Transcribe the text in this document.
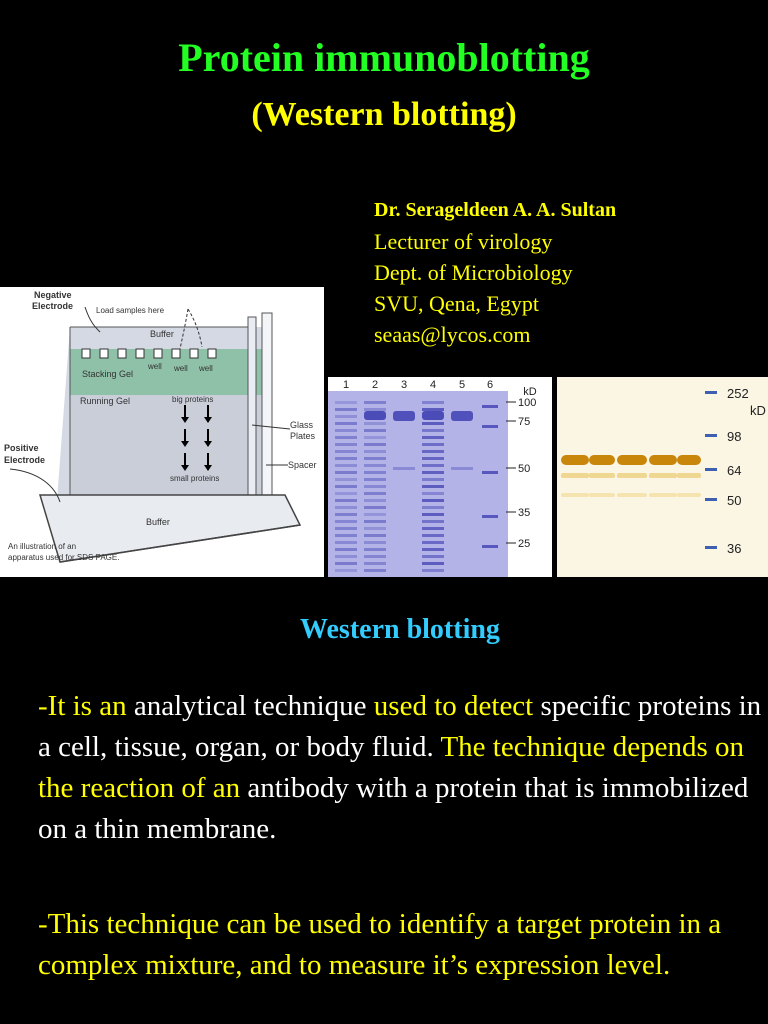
Protein immunoblotting
(Western blotting)
Dr. Serageldeen A. A. Sultan
Lecturer of virology
Dept. of Microbiology
SVU, Qena, Egypt
seaas@lycos.com
Negative
Electrode	Load samples here
Buffer
well well well
Stacking Gel
Running Gel	big proteins
small proteins
Glass
Plates
Spacer
Positive
Electrode
Buffer
An illustration of an
apparatus used for SDS PAGE.
1 2 3 4 5 6
kD
100
75
50
35
25
kD
252
98
64
50
36
Western blotting
-It is an analytical technique used to detect specific proteins in a cell, tissue, organ, or body fluid. The technique depends on the reaction of an antibody with a protein that is immobilized on a thin membrane.
-This technique can be used to identify a target protein in a complex mixture, and to measure it’s expression level.
